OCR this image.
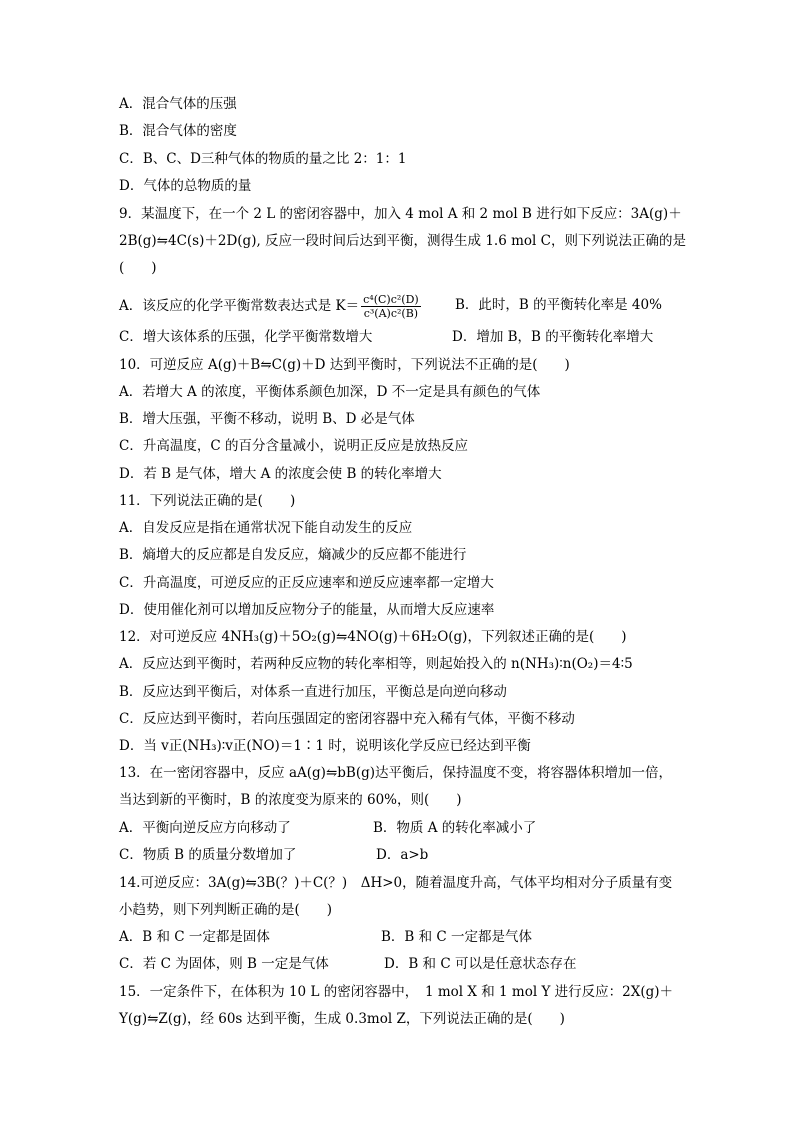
A．混合气体的压强
B．混合气体的密度
C．B、C、D三种气体的物质的量之比 2：1：1
D．气体的总物质的量
9．某温度下，在一个 2 L 的密闭容器中，加入 4 mol A 和 2 mol B 进行如下反应：3A(g)＋
2B(g)⇋4C(s)＋2D(g), 反应一段时间后达到平衡，测得生成 1.6 mol C，则下列说法正确的是
(　　)
A．该反应的化学平衡常数表达式是 $K= \frac{\text{c⁴(C)c²(D)}}{\text{c³(A)c²(B)}}$	B．此时，B 的平衡转化率是 40%
C．增大该体系的压强，化学平衡常数增大	D．增加 B，B 的平衡转化率增大
10．可逆反应 A(g)＋B⇋C(g)＋D 达到平衡时，下列说法不正确的是(　　)
A．若增大 A 的浓度，平衡体系颜色加深，D 不一定是具有颜色的气体
B．增大压强，平衡不移动，说明 B、D 必是气体
C．升高温度，C 的百分含量减小，说明正反应是放热反应
D．若 B 是气体，增大 A 的浓度会使 B 的转化率增大
11．下列说法正确的是(　　)
A．自发反应是指在通常状况下能自动发生的反应
B．熵增大的反应都是自发反应，熵减少的反应都不能进行
C．升高温度，可逆反应的正反应速率和逆反应速率都一定增大
D．使用催化剂可以增加反应物分子的能量，从而增大反应速率
12．对可逆反应 4NH₃(g)＋5O₂(g)⇋4NO(g)＋6H₂O(g)，下列叙述正确的是(　　)
A．反应达到平衡时，若两种反应物的转化率相等，则起始投入的 n(NH₃)∶n(O₂)＝4∶5
B．反应达到平衡后，对体系一直进行加压，平衡总是向逆向移动
C．反应达到平衡时，若向压强固定的密闭容器中充入稀有气体，平衡不移动
D．当 v正(NH₃)∶v正(NO)＝1∶1 时，说明该化学反应已经达到平衡
13．在一密闭容器中，反应 aA(g)⇋bB(g)达平衡后，保持温度不变，将容器体积增加一倍，
当达到新的平衡时，B 的浓度变为原来的 60%，则(　　)
A．平衡向逆反应方向移动了	B．物质 A 的转化率减小了
C．物质 B 的质量分数增加了	D．a>b
14.可逆反应：3A(g)⇋3B(？)＋C(？)　ΔH>0，随着温度升高，气体平均相对分子质量有变
小趋势，则下列判断正确的是(　　)
A．B 和 C 一定都是固体	B．B 和 C 一定都是气体
C．若 C 为固体，则 B 一定是气体	D．B 和 C 可以是任意状态存在
15．一定条件下，在体积为 10 L 的密闭容器中，　1 mol X 和 1 mol Y 进行反应：2X(g)＋
Y(g)⇋Z(g)，经 60s 达到平衡，生成 0.3mol Z，下列说法正确的是(　　)
